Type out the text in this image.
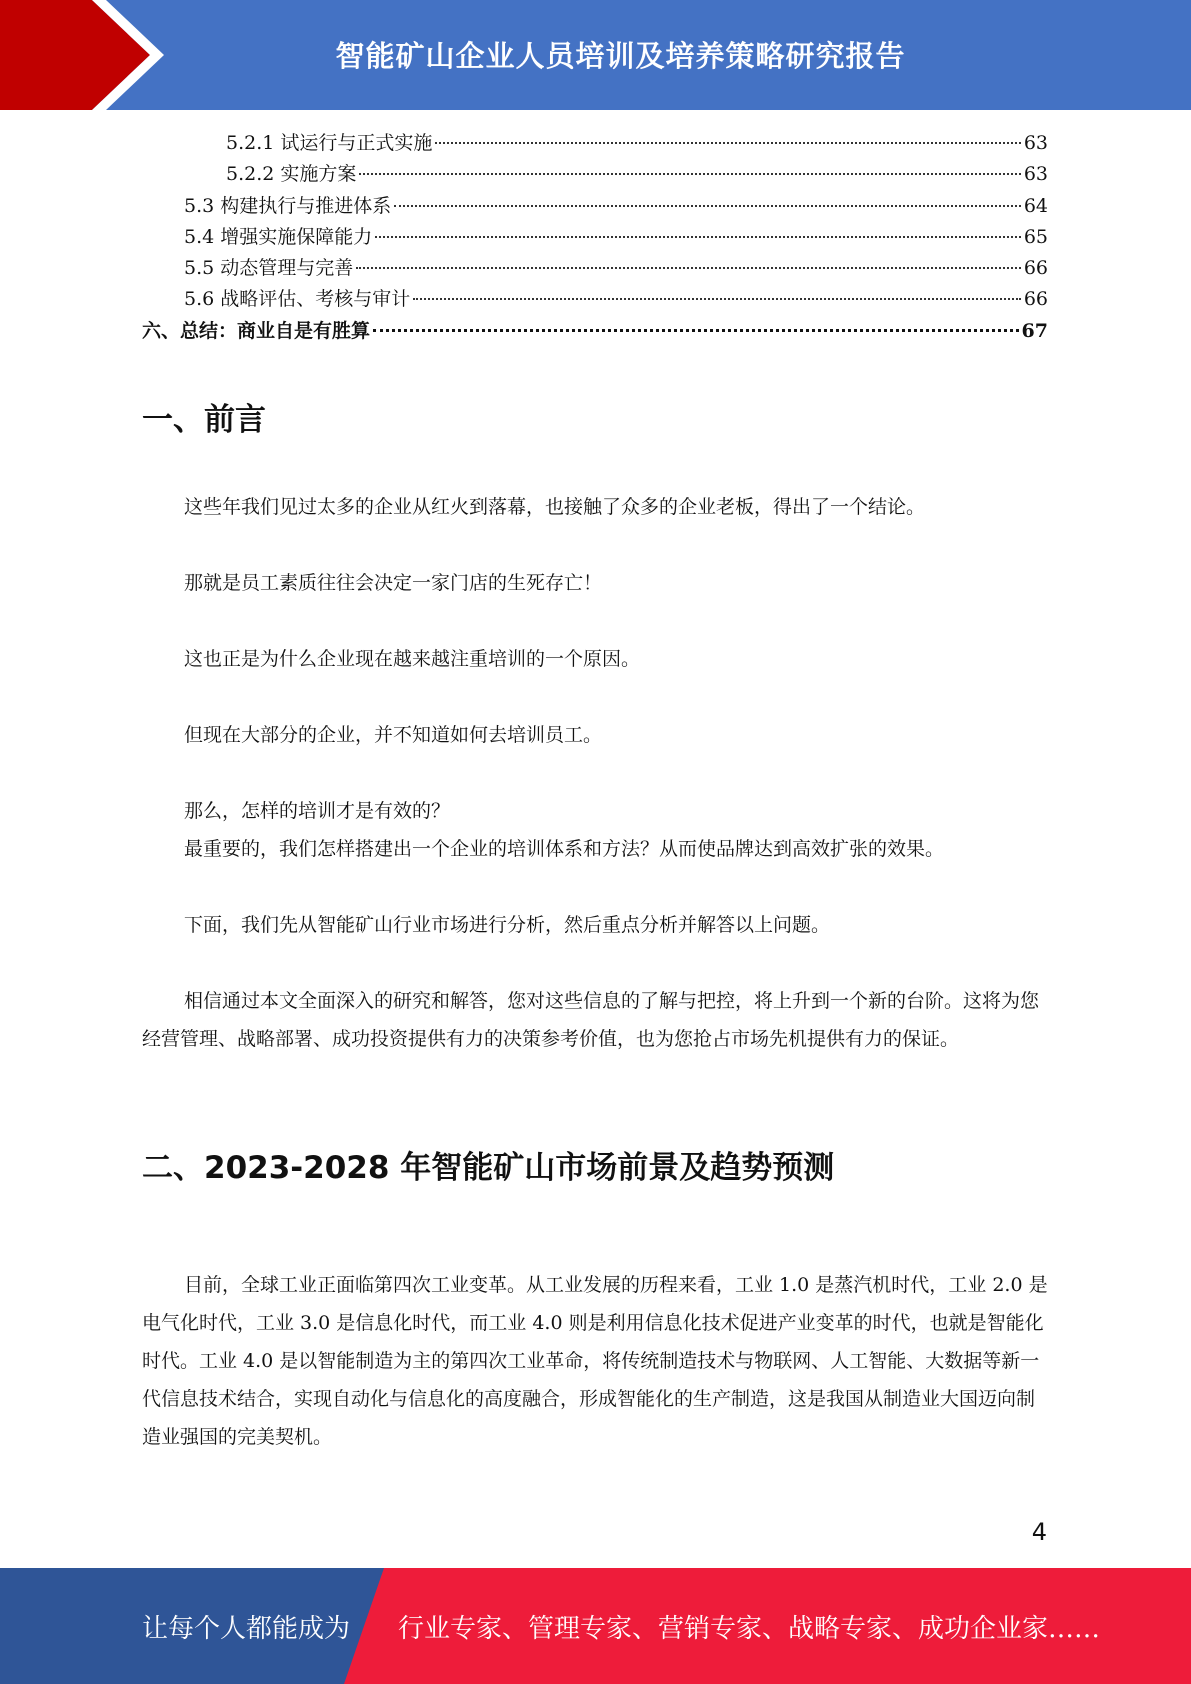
智能矿山企业人员培训及培养策略研究报告
5.2.1 试运行与正式实施	63
5.2.2 实施方案	63
5.3 构建执行与推进体系	64
5.4 增强实施保障能力	65
5.5 动态管理与完善	66
5.6 战略评估、考核与审计	66
六、总结：商业自是有胜算	67
一、前言

这些年我们见过太多的企业从红火到落幕，也接触了众多的企业老板，得出了一个结论。

那就是员工素质往往会决定一家门店的生死存亡！

这也正是为什么企业现在越来越注重培训的一个原因。

但现在大部分的企业，并不知道如何去培训员工。

那么，怎样的培训才是有效的？

最重要的，我们怎样搭建出一个企业的培训体系和方法？从而使品牌达到高效扩张的效果。

下面，我们先从智能矿山行业市场进行分析，然后重点分析并解答以上问题。

相信通过本文全面深入的研究和解答，您对这些信息的了解与把控，将上升到一个新的台阶。这将为您经营管理、战略部署、成功投资提供有力的决策参考价值，也为您抢占市场先机提供有力的保证。

二、2023-2028 年智能矿山市场前景及趋势预测

目前，全球工业正面临第四次工业变革。从工业发展的历程来看，工业 1.0 是蒸汽机时代，工业 2.0 是电气化时代，工业 3.0 是信息化时代，而工业 4.0 则是利用信息化技术促进产业变革的时代，也就是智能化时代。工业 4.0 是以智能制造为主的第四次工业革命，将传统制造技术与物联网、人工智能、大数据等新一代信息技术结合，实现自动化与信息化的高度融合，形成智能化的生产制造，这是我国从制造业大国迈向制造业强国的完美契机。

4
让每个人都能成为 行业专家、管理专家、营销专家、战略专家、成功企业家……
